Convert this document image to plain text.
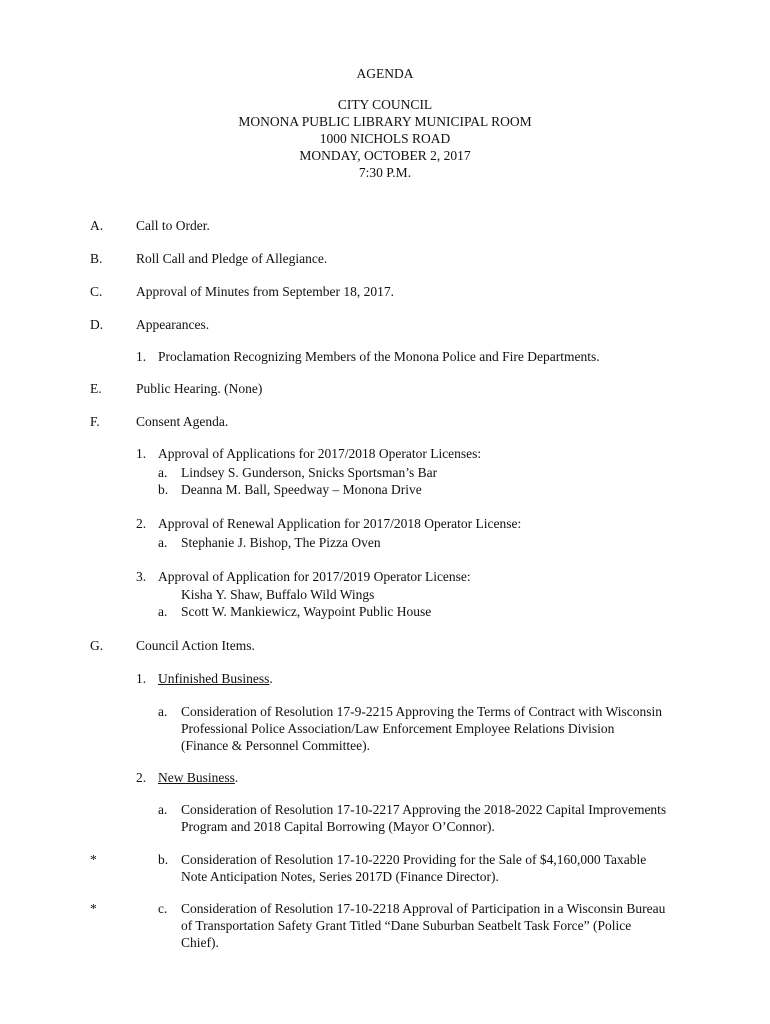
AGENDA
CITY COUNCIL
MONONA PUBLIC LIBRARY MUNICIPAL ROOM
1000 NICHOLS ROAD
MONDAY, OCTOBER 2, 2017
7:30 P.M.
A. Call to Order.
B. Roll Call and Pledge of Allegiance.
C. Approval of Minutes from September 18, 2017.
D. Appearances.
1. Proclamation Recognizing Members of the Monona Police and Fire Departments.
E.	Public Hearing. (None)
F.	Consent Agenda.
1. Approval of Applications for 2017/2018 Operator Licenses:
a. Lindsey S. Gunderson, Snicks Sportsman’s Bar
b. Deanna M. Ball, Speedway – Monona Drive
2. Approval of Renewal Application for 2017/2018 Operator License:
a. Stephanie J. Bishop, The Pizza Oven
3. Approval of Application for 2017/2019 Operator License:
Kisha Y. Shaw, Buffalo Wild Wings
a. Scott W. Mankiewicz, Waypoint Public House
G. Council Action Items.
1. Unfinished Business.
a. Consideration of Resolution 17-9-2215 Approving the Terms of Contract with Wisconsin
Professional Police Association/Law Enforcement Employee Relations Division
(Finance & Personnel Committee).
2. New Business.
a. Consideration of Resolution 17-10-2217 Approving the 2018-2022 Capital Improvements
Program and 2018 Capital Borrowing (Mayor O’Connor).
*	b. Consideration of Resolution 17-10-2220 Providing for the Sale of $4,160,000 Taxable
Note Anticipation Notes, Series 2017D (Finance Director).
*	c. Consideration of Resolution 17-10-2218 Approval of Participation in a Wisconsin Bureau
of Transportation Safety Grant Titled “Dane Suburban Seatbelt Task Force” (Police
Chief).
